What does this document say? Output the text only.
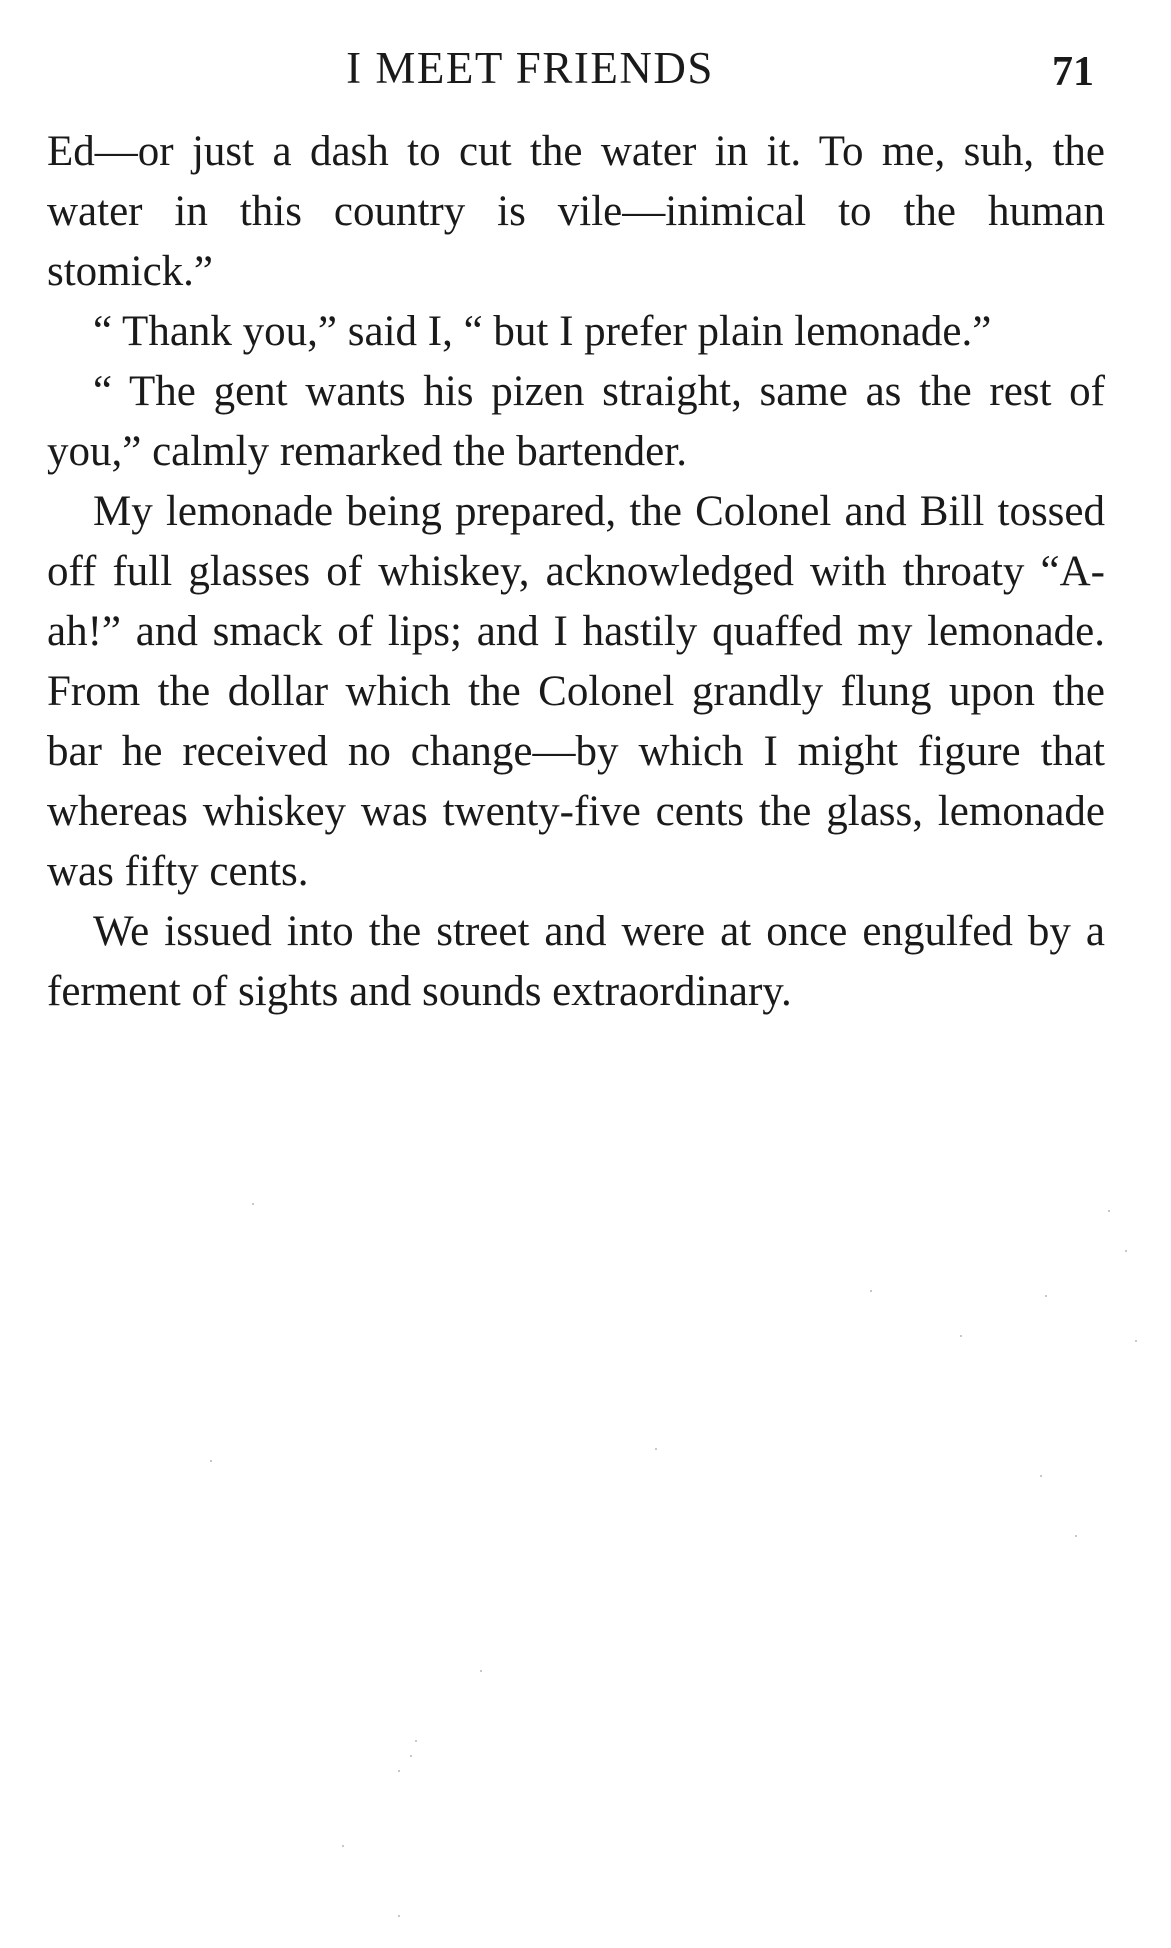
I MEET FRIENDS	71

Ed—or just a dash to cut the water in it. To me, suh, the water in this country is vile—inimical to the human stomick.”

“ Thank you,” said I, “ but I prefer plain lemonade.”

“ The gent wants his pizen straight, same as the rest of you,” calmly remarked the bartender.

My lemonade being prepared, the Colonel and Bill tossed off full glasses of whiskey, acknowledged with throaty “A-ah!” and smack of lips; and I hastily quaffed my lemonade. From the dollar which the Colonel grandly flung upon the bar he received no change—by which I might figure that whereas whiskey was twenty-five cents the glass, lemonade was fifty cents.

We issued into the street and were at once engulfed by a ferment of sights and sounds extraordinary.
